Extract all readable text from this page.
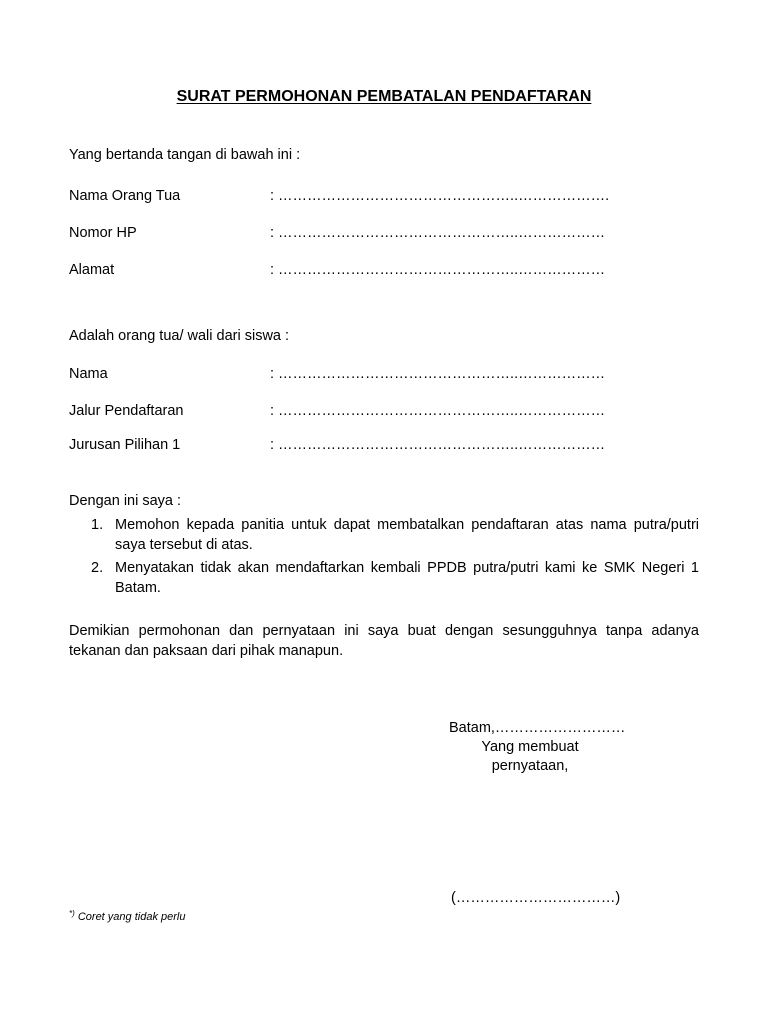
SURAT PERMOHONAN PEMBATALAN PENDAFTARAN
Yang bertanda tangan di bawah ini :
Nama Orang Tua	: …………………………………………..……………….
Nomor HP	: …………………………………………..………………
Alamat	: …………………………………………..………………
Adalah orang tua/ wali dari siswa :
Nama	: …………………………………………..………………
Jalur Pendaftaran	: …………………………………………..………………
Jurusan Pilihan 1	: …………………………………………..………………
Dengan ini saya :
1. Memohon kepada panitia untuk dapat membatalkan pendaftaran atas nama putra/putri saya tersebut di atas.
2. Menyatakan tidak akan mendaftarkan kembali PPDB putra/putri kami ke SMK Negeri 1 Batam.
Demikian permohonan dan pernyataan ini saya buat dengan sesungguhnya tanpa adanya tekanan dan paksaan dari pihak manapun.
Batam,………………………
Yang membuat
pernyataan,
(……………………………)
*) Coret yang tidak perlu
